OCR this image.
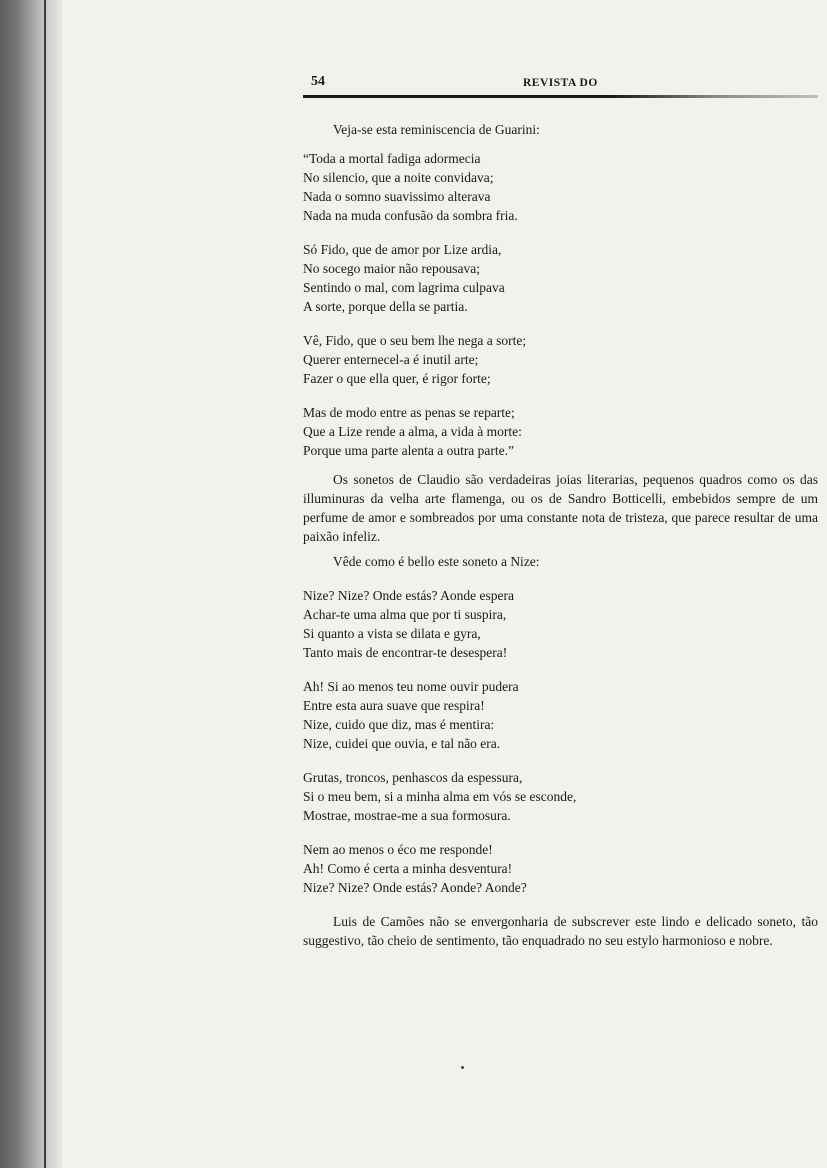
54	REVISTA DO
Veja-se esta reminiscencia de Guarini:
“Toda a mortal fadiga adormecia
No silencio, que a noite convidava;
Nada o somno suavissimo alterava
Nada na muda confusão da sombra fria.
Só Fido, que de amor por Lize ardia,
No socego maior não repousava;
Sentindo o mal, com lagrima culpava
A sorte, porque della se partia.
Vê, Fido, que o seu bem lhe nega a sorte;
Querer enternecel-a é inutil arte;
Fazer o que ella quer, é rigor forte;
Mas de modo entre as penas se reparte;
Que a Lize rende a alma, a vida à morte:
Porque uma parte alenta a outra parte.”

Os sonetos de Claudio são verdadeiras joias literarias, pequenos quadros como os das illuminuras da velha arte flamenga, ou os de Sandro Botticelli, embebidos sempre de um perfume de amor e sombreados por uma constante nota de tristeza, que parece resultar de uma paixão infeliz.

Vêde como é bello este soneto a Nize:

Nize? Nize? Onde estás? Aonde espera
Achar-te uma alma que por ti suspira,
Si quanto a vista se dilata e gyra,
Tanto mais de encontrar-te desespera!
Ah! Si ao menos teu nome ouvir pudera
Entre esta aura suave que respira!
Nize, cuido que diz, mas é mentira:
Nize, cuidei que ouvia, e tal não era.
Grutas, troncos, penhascos da espessura,
Si o meu bem, si a minha alma em vós se esconde,
Mostrae, mostrae-me a sua formosura.
Nem ao menos o éco me responde!
Ah! Como é certa a minha desventura!
Nize? Nize? Onde estás? Aonde? Aonde?

Luis de Camões não se envergonharia de subscrever este lindo e delicado soneto, tão suggestivo, tão cheio de sentimento, tão enquadrado no seu estylo harmonioso e nobre.
